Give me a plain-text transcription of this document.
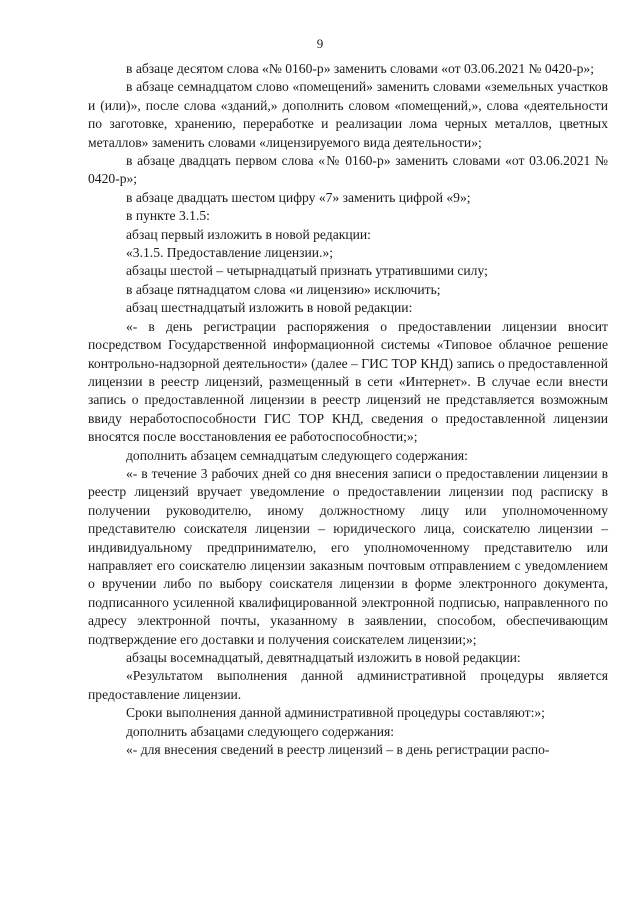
9

в абзаце десятом слова «№ 0160-р» заменить словами «от 03.06.2021 № 0420-р»;

в абзаце семнадцатом слово «помещений» заменить словами «земельных участков и (или)», после слова «зданий,» дополнить словом «помещений,», слова «деятельности по заготовке, хранению, переработке и реализации лома черных металлов, цветных металлов» заменить словами «лицензируемого вида деятельности»;

в абзаце двадцать первом слова «№ 0160-р» заменить словами «от 03.06.2021 № 0420-р»;

в абзаце двадцать шестом цифру «7» заменить цифрой «9»;

в пункте 3.1.5:

абзац первый изложить в новой редакции:

«3.1.5. Предоставление лицензии.»;

абзацы шестой – четырнадцатый признать утратившими силу;

в абзаце пятнадцатом слова «и лицензию» исключить;

абзац шестнадцатый изложить в новой редакции:

«- в день регистрации распоряжения о предоставлении лицензии вносит посредством Государственной информационной системы «Типовое облачное решение контрольно-надзорной деятельности» (далее – ГИС ТОР КНД) запись о предоставленной лицензии в реестр лицензий, размещенный в сети «Интернет». В случае если внести запись о предоставленной лицензии в реестр лицензий не представляется возможным ввиду неработоспособности ГИС ТОР КНД, сведения о предоставленной лицензии вносятся после восстановления ее работоспособности;»;

дополнить абзацем семнадцатым следующего содержания:

«- в течение 3 рабочих дней со дня внесения записи о предоставлении лицензии в реестр лицензий вручает уведомление о предоставлении лицензии под расписку в получении руководителю, иному должностному лицу или уполномоченному представителю соискателя лицензии – юридического лица, соискателю лицензии – индивидуальному предпринимателю, его уполномоченному представителю или направляет его соискателю лицензии заказным почтовым отправлением с уведомлением о вручении либо по выбору соискателя лицензии в форме электронного документа, подписанного усиленной квалифицированной электронной подписью, направленного по адресу электронной почты, указанному в заявлении, способом, обеспечивающим подтверждение его доставки и получения соискателем лицензии;»;

абзацы восемнадцатый, девятнадцатый изложить в новой редакции:

«Результатом выполнения данной административной процедуры является предоставление лицензии.

Сроки выполнения данной административной процедуры составляют:»;

дополнить абзацами следующего содержания:

«- для внесения сведений в реестр лицензий – в день регистрации распо-
